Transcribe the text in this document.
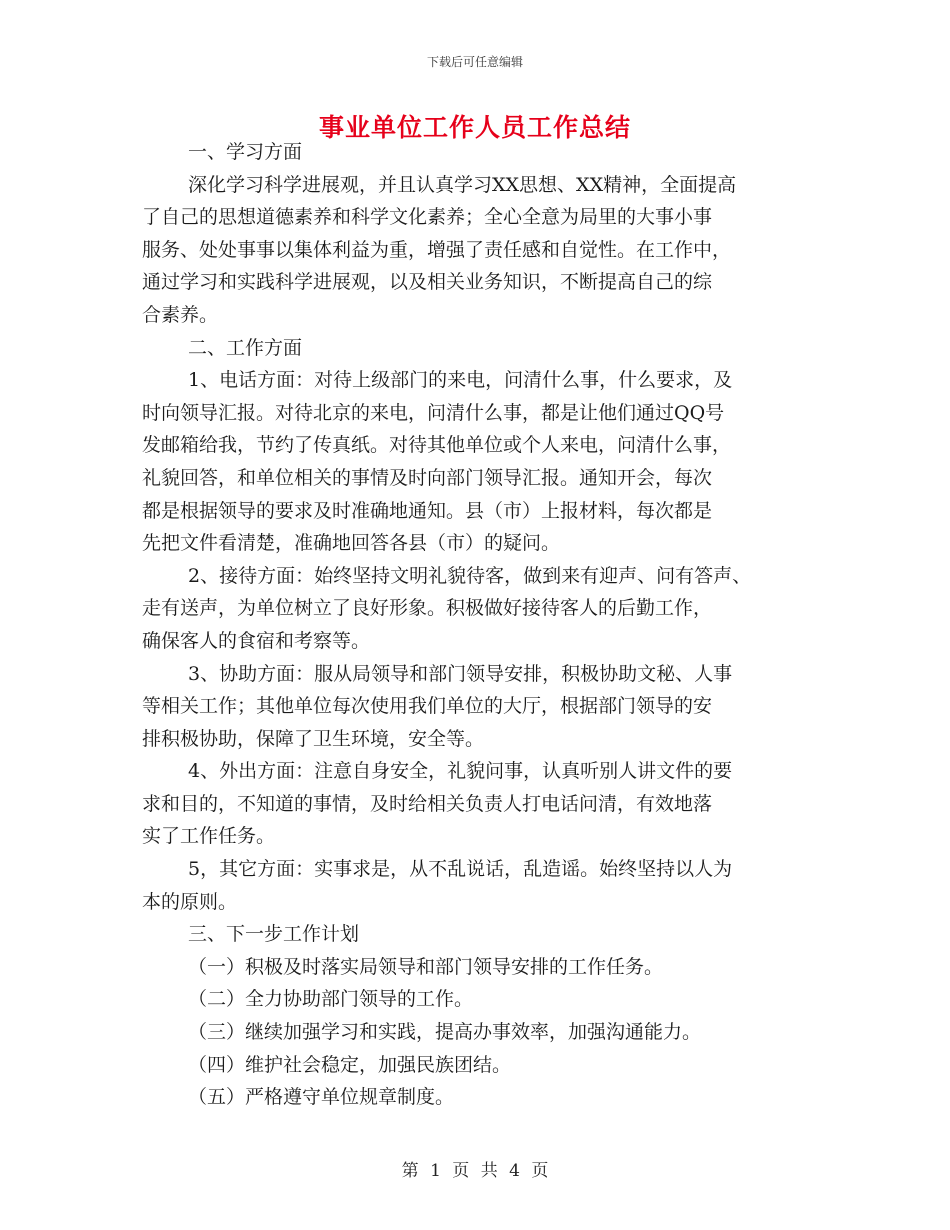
下载后可任意编辑
事业单位工作人员工作总结

一、学习方面

深化学习科学进展观，并且认真学习XX思想、XX精神，全面提高

了自己的思想道德素养和科学文化素养；全心全意为局里的大事小事

服务、处处事事以集体利益为重，增强了责任感和自觉性。在工作中，

通过学习和实践科学进展观，以及相关业务知识，不断提高自己的综

合素养。

二、工作方面

1、电话方面：对待上级部门的来电，问清什么事，什么要求，及

时向领导汇报。对待北京的来电，问清什么事，都是让他们通过QQ号

发邮箱给我，节约了传真纸。对待其他单位或个人来电，问清什么事，

礼貌回答，和单位相关的事情及时向部门领导汇报。通知开会，每次

都是根据领导的要求及时准确地通知。县（市）上报材料，每次都是

先把文件看清楚，准确地回答各县（市）的疑问。

2、接待方面：始终坚持文明礼貌待客，做到来有迎声、问有答声、

走有送声，为单位树立了良好形象。积极做好接待客人的后勤工作，

确保客人的食宿和考察等。

3、协助方面：服从局领导和部门领导安排，积极协助文秘、人事

等相关工作；其他单位每次使用我们单位的大厅，根据部门领导的安

排积极协助，保障了卫生环境，安全等。

4、外出方面：注意自身安全，礼貌问事，认真听别人讲文件的要

求和目的，不知道的事情，及时给相关负责人打电话问清，有效地落

实了工作任务。

5，其它方面：实事求是，从不乱说话，乱造谣。始终坚持以人为

本的原则。

三、下一步工作计划

（一）积极及时落实局领导和部门领导安排的工作任务。

（二）全力协助部门领导的工作。

（三）继续加强学习和实践，提高办事效率，加强沟通能力。

（四）维护社会稳定，加强民族团结。

（五）严格遵守单位规章制度。

第 1 页 共 4 页
